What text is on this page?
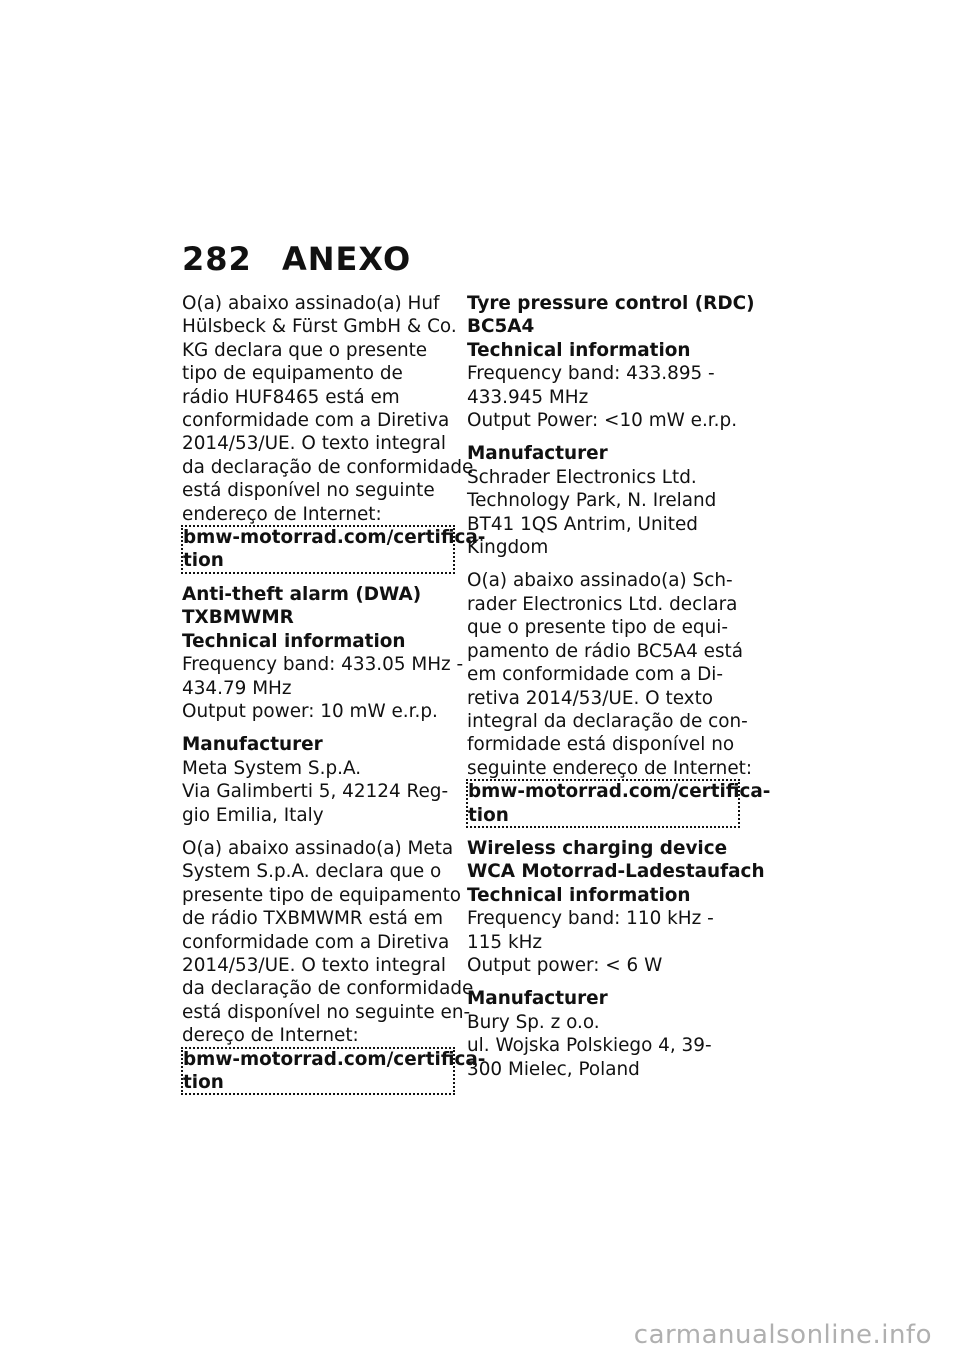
282 ANEXO
O(a) abaixo assinado(a) Huf
Hülsbeck & Fürst GmbH & Co.
KG declara que o presente
tipo de equipamento de
rádio HUF8465 está em
conformidade com a Diretiva
2014/53/UE. O texto integral
da declaração de conformidade
está disponível no seguinte
endereço de Internet:
bmw-motorrad.com/certifica-
tion
Anti-theft alarm (DWA)
TXBMWMR
Technical information
Frequency band: 433.05 MHz -
434.79 MHz
Output power: 10 mW e.r.p.
Manufacturer
Meta System S.p.A.
Via Galimberti 5, 42124 Reg-
gio Emilia, Italy
O(a) abaixo assinado(a) Meta
System S.p.A. declara que o
presente tipo de equipamento
de rádio TXBMWMR está em
conformidade com a Diretiva
2014/53/UE. O texto integral
da declaração de conformidade
está disponível no seguinte en-
dereço de Internet:
bmw-motorrad.com/certifica-
tion
Tyre pressure control (RDC)
BC5A4
Technical information
Frequency band: 433.895 -
433.945 MHz
Output Power: <10 mW e.r.p.
Manufacturer
Schrader Electronics Ltd.
Technology Park, N. Ireland
BT41 1QS Antrim, United
Kingdom
O(a) abaixo assinado(a) Sch-
rader Electronics Ltd. declara
que o presente tipo de equi-
pamento de rádio BC5A4 está
em conformidade com a Di-
retiva 2014/53/UE. O texto
integral da declaração de con-
formidade está disponível no
seguinte endereço de Internet:
bmw-motorrad.com/certifica-
tion
Wireless charging device
WCA Motorrad-Ladestaufach
Technical information
Frequency band: 110 kHz -
115 kHz
Output power: < 6 W
Manufacturer
Bury Sp. z o.o.
ul. Wojska Polskiego 4, 39-
300 Mielec, Poland
carmanualsonline.info
